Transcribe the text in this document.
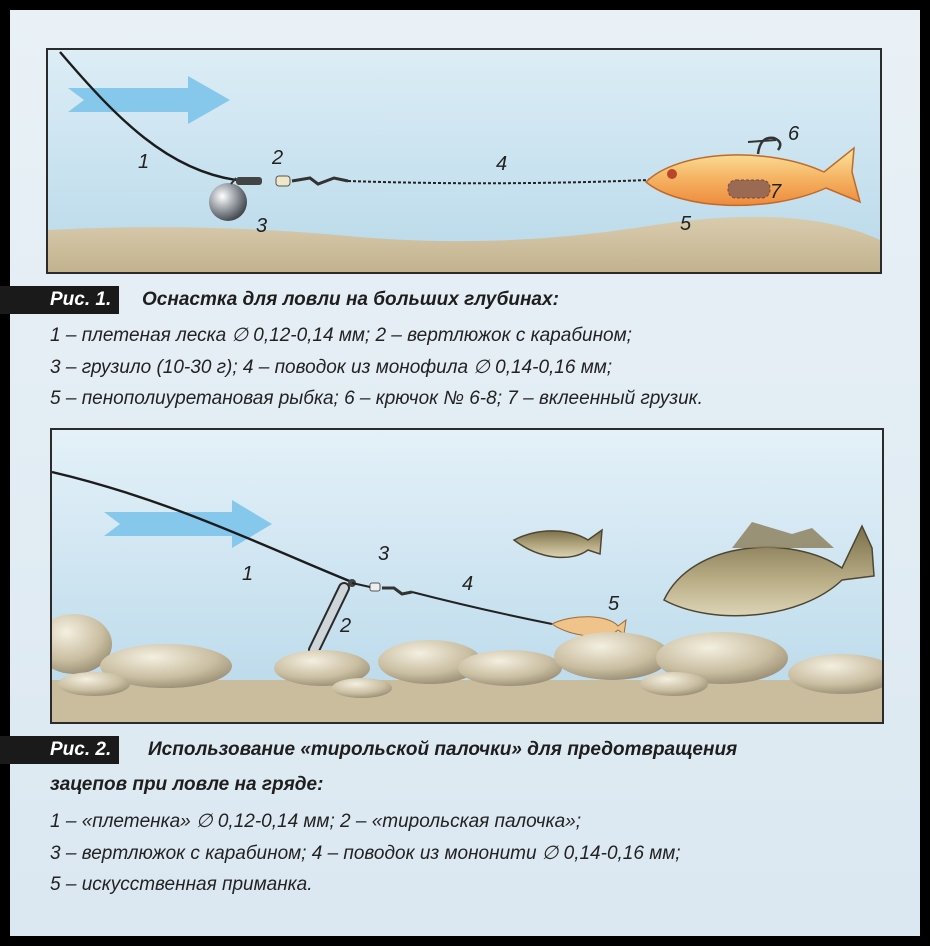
1	2
3
4
5
6
7
Рис. 1.	Оснастка для ловли на больших глубинах:
1 – плетеная леска ∅ 0,12-0,14 мм; 2 – вертлюжок с карабином;
3 – грузило (10-30 г); 4 – поводок из монофила ∅ 0,14-0,16 мм;
5 – пенополиуретановая рыбка; 6 – крючок № 6-8; 7 – вклеенный грузик.
1
2
3
4
5
Рис. 2.	Использование «тирольской палочки» для предотвращения
зацепов при ловле на гряде:
1 – «плетенка» ∅ 0,12-0,14 мм; 2 – «тирольская палочка»;
3 – вертлюжок с карабином; 4 – поводок из мононити ∅ 0,14-0,16 мм;
5 – искусственная приманка.
